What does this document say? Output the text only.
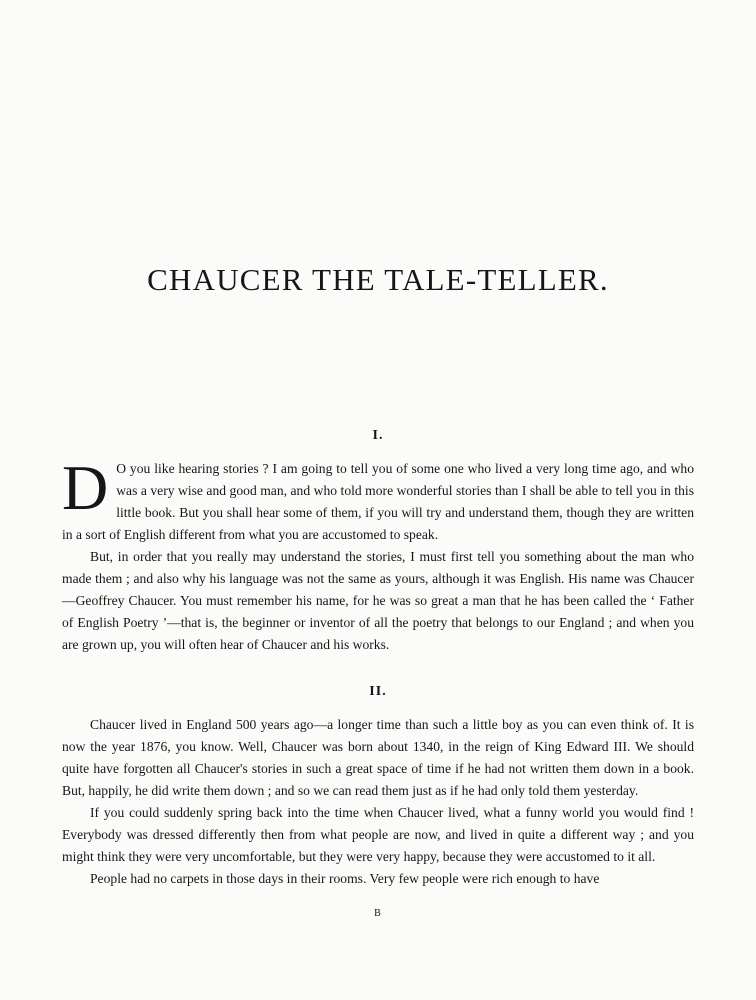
CHAUCER THE TALE-TELLER.
I.

D O you like hearing stories ? I am going to tell you of some one who lived a very long time ago, and who was a very wise and good man, and who told more wonderful stories than I shall be able to tell you in this little book. But you shall hear some of them, if you will try and understand them, though they are written in a sort of English different from what you are accustomed to speak.

But, in order that you really may understand the stories, I must first tell you something about the man who made them ; and also why his language was not the same as yours, although it was English. His name was Chaucer—Geoffrey Chaucer. You must remember his name, for he was so great a man that he has been called the ‘ Father of English Poetry ’—that is, the beginner or inventor of all the poetry that belongs to our England ; and when you are grown up, you will often hear of Chaucer and his works.

II.

Chaucer lived in England 500 years ago—a longer time than such a little boy as you can even think of. It is now the year 1876, you know. Well, Chaucer was born about 1340, in the reign of King Edward III. We should quite have forgotten all Chaucer's stories in such a great space of time if he had not written them down in a book. But, happily, he did write them down ; and so we can read them just as if he had only told them yesterday.

If you could suddenly spring back into the time when Chaucer lived, what a funny world you would find ! Everybody was dressed differently then from what people are now, and lived in quite a different way ; and you might think they were very uncomfortable, but they were very happy, because they were accustomed to it all.

People had no carpets in those days in their rooms. Very few people were rich enough to have

B
